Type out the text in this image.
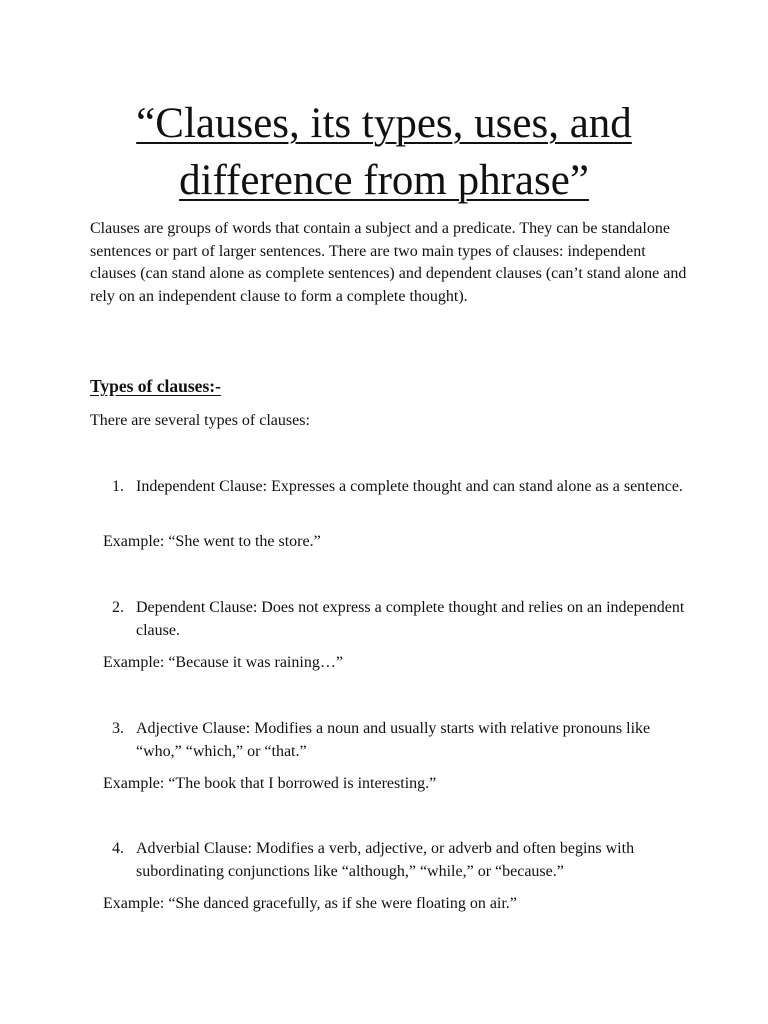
“Clauses, its types, uses, and
difference from phrase”

Clauses are groups of words that contain a subject and a predicate. They can be standalone sentences or part of larger sentences. There are two main types of clauses: independent clauses (can stand alone as complete sentences) and dependent clauses (can’t stand alone and rely on an independent clause to form a complete thought).

Types of clauses:-

There are several types of clauses:

1. Independent Clause: Expresses a complete thought and can stand alone as a sentence.

Example: “She went to the store.”

2. Dependent Clause: Does not express a complete thought and relies on an independent clause.

Example: “Because it was raining…”

3. Adjective Clause: Modifies a noun and usually starts with relative pronouns like “who,” “which,” or “that.”

Example: “The book that I borrowed is interesting.”

4. Adverbial Clause: Modifies a verb, adjective, or adverb and often begins with subordinating conjunctions like “although,” “while,” or “because.”

Example: “She danced gracefully, as if she were floating on air.”
